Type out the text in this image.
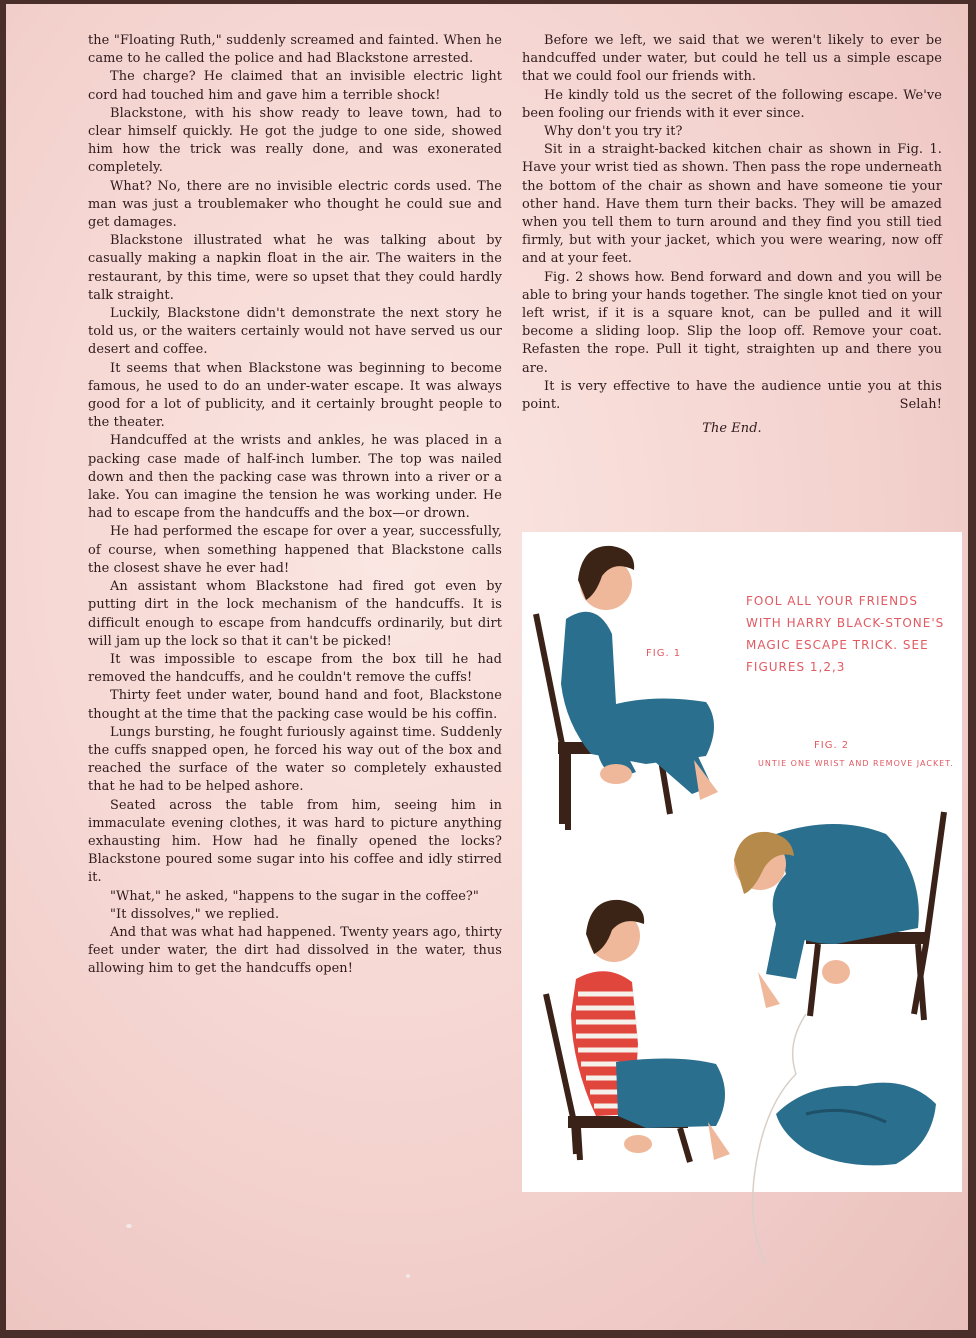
the "Floating Ruth," suddenly screamed and fainted. When he came to he called the police and had Blackstone arrested.

The charge? He claimed that an invisible electric light cord had touched him and gave him a terrible shock!

Blackstone, with his show ready to leave town, had to clear himself quickly. He got the judge to one side, showed him how the trick was really done, and was exonerated completely.

What? No, there are no invisible electric cords used. The man was just a troublemaker who thought he could sue and get damages.

Blackstone illustrated what he was talking about by casually making a napkin float in the air. The waiters in the restaurant, by this time, were so upset that they could hardly talk straight.

Luckily, Blackstone didn't demonstrate the next story he told us, or the waiters certainly would not have served us our desert and coffee.

It seems that when Blackstone was beginning to become famous, he used to do an under-water escape. It was always good for a lot of publicity, and it certainly brought people to the theater.

Handcuffed at the wrists and ankles, he was placed in a packing case made of half-inch lumber. The top was nailed down and then the packing case was thrown into a river or a lake. You can imagine the tension he was working under. He had to escape from the handcuffs and the box—or drown.

He had performed the escape for over a year, successfully, of course, when something happened that Blackstone calls the closest shave he ever had!

An assistant whom Blackstone had fired got even by putting dirt in the lock mechanism of the handcuffs. It is difficult enough to escape from handcuffs ordinarily, but dirt will jam up the lock so that it can't be picked!

It was impossible to escape from the box till he had removed the handcuffs, and he couldn't remove the cuffs!

Thirty feet under water, bound hand and foot, Blackstone thought at the time that the packing case would be his coffin.

Lungs bursting, he fought furiously against time. Suddenly the cuffs snapped open, he forced his way out of the box and reached the surface of the water so completely exhausted that he had to be helped ashore.

Seated across the table from him, seeing him in immaculate evening clothes, it was hard to picture anything exhausting him. How had he finally opened the locks? Blackstone poured some sugar into his coffee and idly stirred it.

"What," he asked, "happens to the sugar in the coffee?"

"It dissolves," we replied.

And that was what had happened. Twenty years ago, thirty feet under water, the dirt had dissolved in the water, thus allowing him to get the handcuffs open!

Before we left, we said that we weren't likely to ever be handcuffed under water, but could he tell us a simple escape that we could fool our friends with.

He kindly told us the secret of the following escape. We've been fooling our friends with it ever since.

Why don't you try it?

Sit in a straight-backed kitchen chair as shown in Fig. 1. Have your wrist tied as shown. Then pass the rope underneath the bottom of the chair as shown and have someone tie your other hand. Have them turn their backs. They will be amazed when you tell them to turn around and they find you still tied firmly, but with your jacket, which you were wearing, now off and at your feet.

Fig. 2 shows how. Bend forward and down and you will be able to bring your hands together. The single knot tied on your left wrist, if it is a square knot, can be pulled and it will become a sliding loop. Slip the loop off. Remove your coat. Refasten the rope. Pull it tight, straighten up and there you are.

It is very effective to have the audience untie you at this point.	Selah!

The End.

FOOL ALL YOUR FRIENDS WITH HARRY BLACK-STONE'S MAGIC ESCAPE TRICK. SEE FIGURES 1,2,3
FIG. 1
FIG. 2
UNTIE ONE WRIST AND REMOVE JACKET.
